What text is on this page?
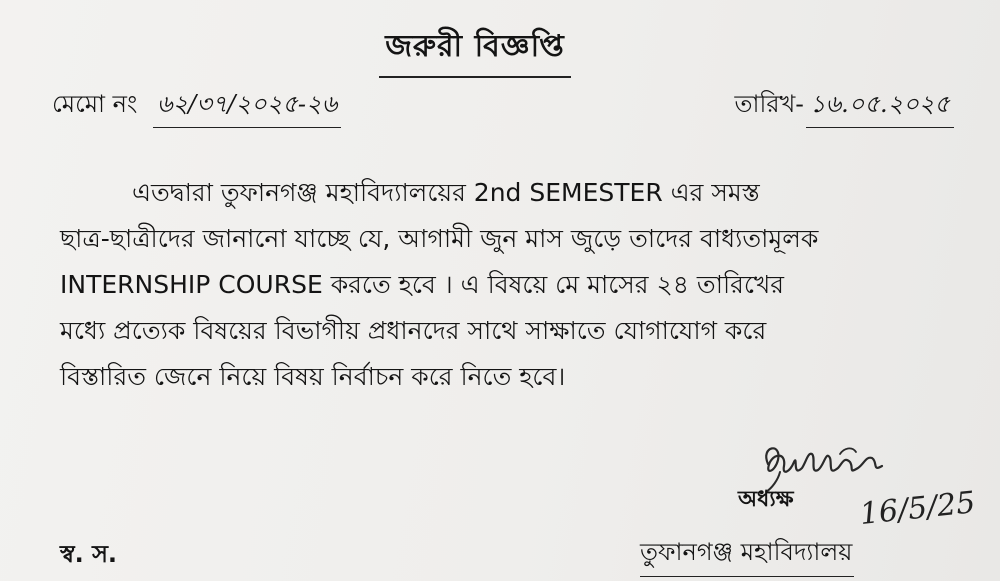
জরুরী বিজ্ঞপ্তি
মেমো নং ৬২/৩৭/২০২৫-২৬	তারিখ- ১৬.০৫.২০২৫
এতদ্বারা তুফানগঞ্জ মহাবিদ্যালয়ের 2nd SEMESTER এর সমস্ত
ছাত্র-ছাত্রীদের জানানো যাচ্ছে যে, আগামী জুন মাস জুড়ে তাদের বাধ্যতামূলক
INTERNSHIP COURSE করতে হবে । এ বিষয়ে মে মাসের ২৪ তারিখের
মধ্যে প্রত্যেক বিষয়ের বিভাগীয় প্রধানদের সাথে সাক্ষাতে যোগাযোগ করে
বিস্তারিত জেনে নিয়ে বিষয় নির্বাচন করে নিতে হবে।
16/5/25
অধ্যক্ষ
স্ব. স.	তুফানগঞ্জ মহাবিদ্যালয়
